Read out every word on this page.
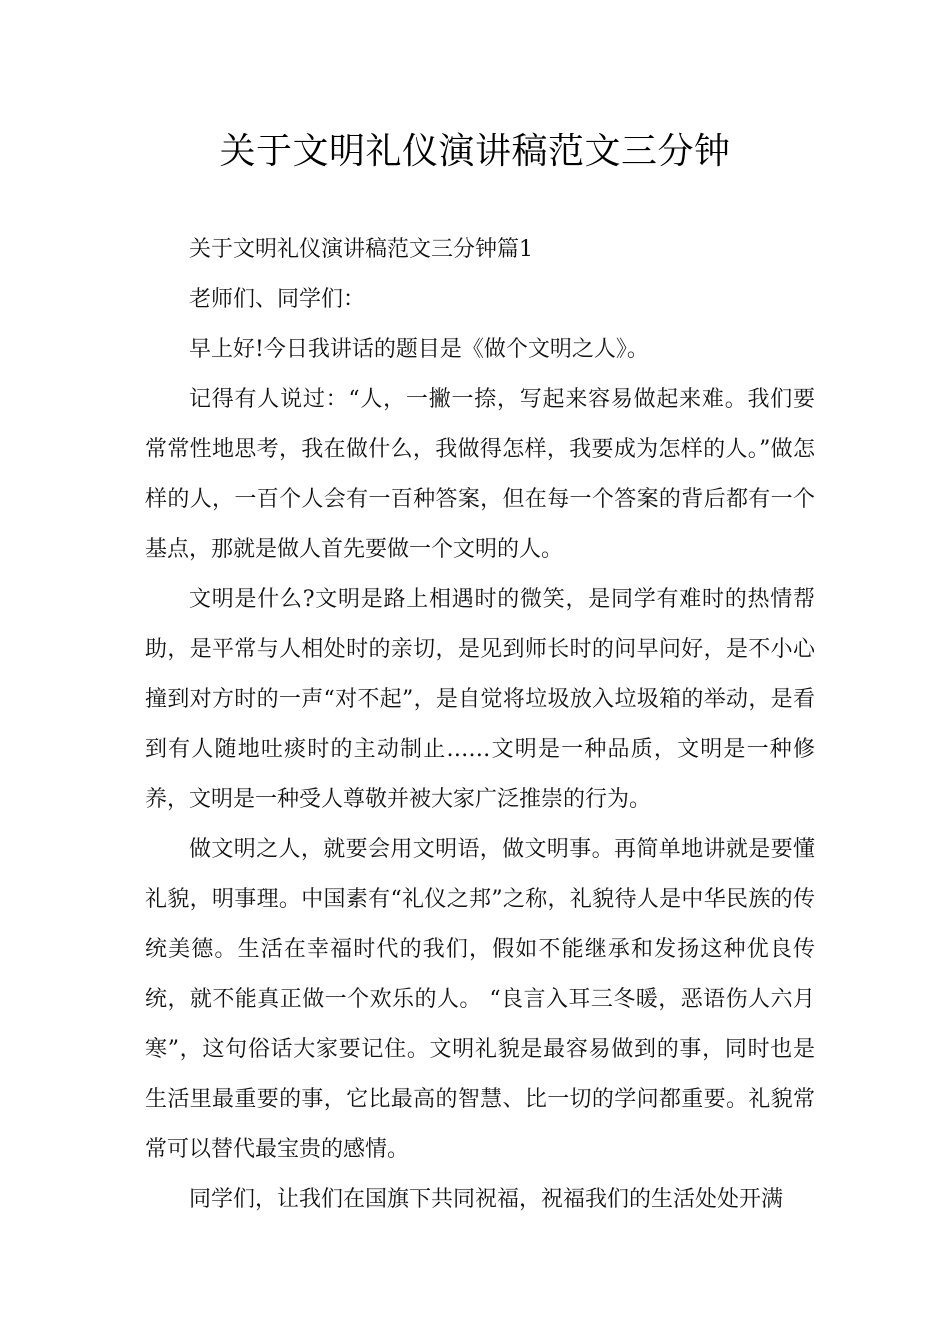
关于文明礼仪演讲稿范文三分钟

关于文明礼仪演讲稿范文三分钟篇1

老师们、同学们：

早上好!今日我讲话的题目是《做个文明之人》。

记得有人说过：“人，一撇一捺，写起来容易做起来难。我们要常常性地思考，我在做什么，我做得怎样，我要成为怎样的人。”做怎样的人，一百个人会有一百种答案，但在每一个答案的背后都有一个基点，那就是做人首先要做一个文明的人。

文明是什么?文明是路上相遇时的微笑，是同学有难时的热情帮助，是平常与人相处时的亲切，是见到师长时的问早问好，是不小心撞到对方时的一声“对不起”，是自觉将垃圾放入垃圾箱的举动，是看到有人随地吐痰时的主动制止……文明是一种品质，文明是一种修养，文明是一种受人尊敬并被大家广泛推崇的行为。

做文明之人，就要会用文明语，做文明事。再简单地讲就是要懂礼貌，明事理。中国素有“礼仪之邦”之称，礼貌待人是中华民族的传统美德。生活在幸福时代的我们，假如不能继承和发扬这种优良传统，就不能真正做一个欢乐的人。 “良言入耳三冬暖，恶语伤人六月寒”，这句俗话大家要记住。文明礼貌是最容易做到的事，同时也是生活里最重要的事，它比最高的智慧、比一切的学问都重要。礼貌常常可以替代最宝贵的感情。

同学们，让我们在国旗下共同祝福，祝福我们的生活处处开满
